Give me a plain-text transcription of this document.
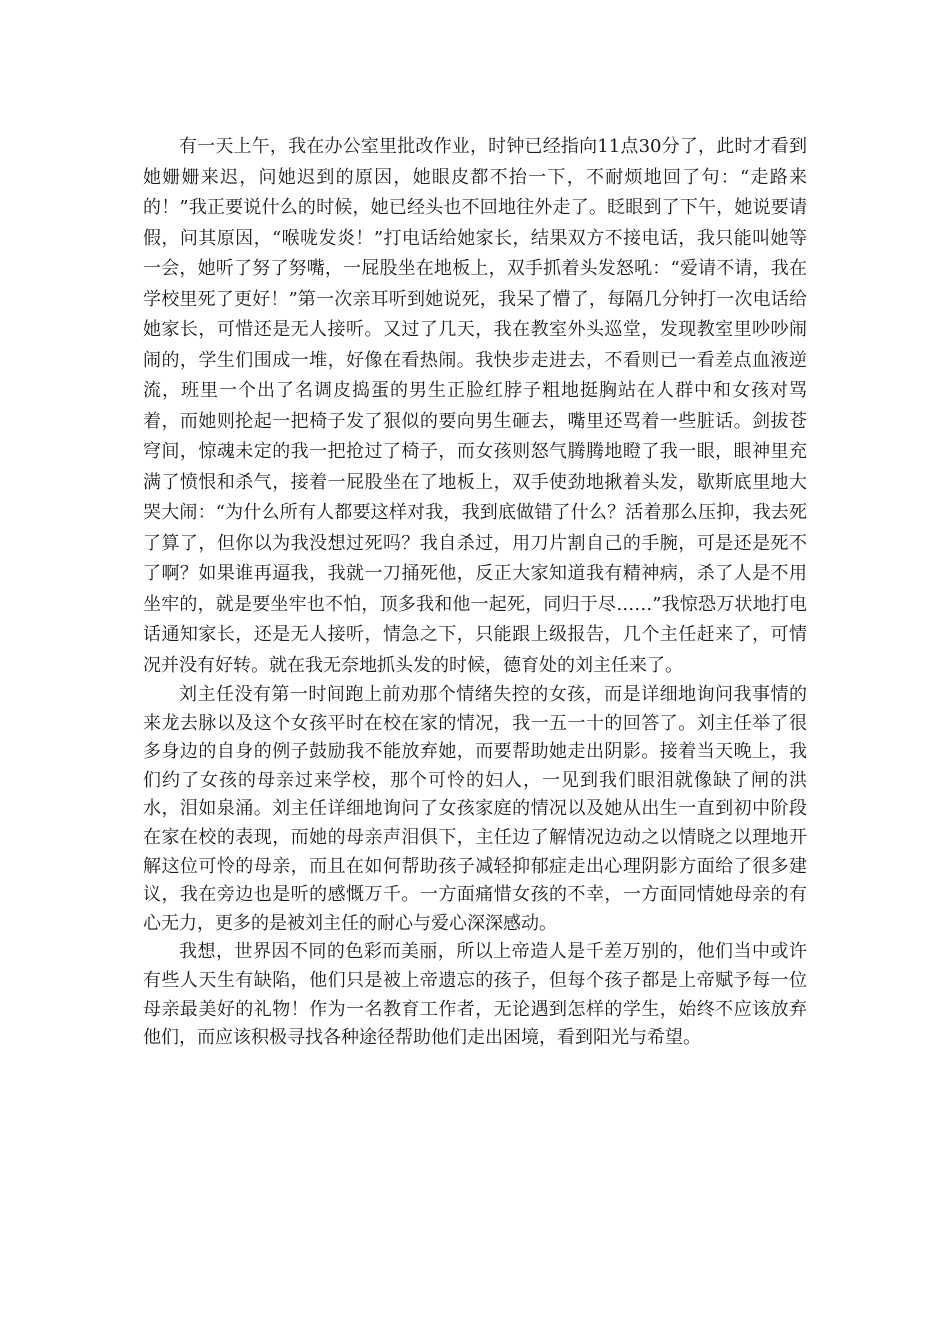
有一天上午，我在办公室里批改作业，时钟已经指向11点30分了，此时才看到她姗姗来迟，问她迟到的原因，她眼皮都不抬一下，不耐烦地回了句：“走路来的！”我正要说什么的时候，她已经头也不回地往外走了。眨眼到了下午，她说要请假，问其原因，“喉咙发炎！”打电话给她家长，结果双方不接电话，我只能叫她等一会，她听了努了努嘴，一屁股坐在地板上，双手抓着头发怒吼：“爱请不请，我在学校里死了更好！”第一次亲耳听到她说死，我呆了懵了，每隔几分钟打一次电话给她家长，可惜还是无人接听。又过了几天，我在教室外头巡堂，发现教室里吵吵闹闹的，学生们围成一堆，好像在看热闹。我快步走进去，不看则已一看差点血液逆流，班里一个出了名调皮捣蛋的男生正脸红脖子粗地挺胸站在人群中和女孩对骂着，而她则抡起一把椅子发了狠似的要向男生砸去，嘴里还骂着一些脏话。剑拔苍穹间，惊魂未定的我一把抢过了椅子，而女孩则怒气腾腾地瞪了我一眼，眼神里充满了愤恨和杀气，接着一屁股坐在了地板上，双手使劲地揪着头发，歇斯底里地大哭大闹：“为什么所有人都要这样对我，我到底做错了什么？活着那么压抑，我去死了算了，但你以为我没想过死吗？我自杀过，用刀片割自己的手腕，可是还是死不了啊？如果谁再逼我，我就一刀捅死他，反正大家知道我有精神病，杀了人是不用坐牢的，就是要坐牢也不怕，顶多我和他一起死，同归于尽……”我惊恐万状地打电话通知家长，还是无人接听，情急之下，只能跟上级报告，几个主任赶来了，可情况并没有好转。就在我无奈地抓头发的时候，德育处的刘主任来了。

刘主任没有第一时间跑上前劝那个情绪失控的女孩，而是详细地询问我事情的来龙去脉以及这个女孩平时在校在家的情况，我一五一十的回答了。刘主任举了很多身边的自身的例子鼓励我不能放弃她，而要帮助她走出阴影。接着当天晚上，我们约了女孩的母亲过来学校，那个可怜的妇人，一见到我们眼泪就像缺了闸的洪水，泪如泉涌。刘主任详细地询问了女孩家庭的情况以及她从出生一直到初中阶段在家在校的表现，而她的母亲声泪俱下，主任边了解情况边动之以情晓之以理地开解这位可怜的母亲，而且在如何帮助孩子减轻抑郁症走出心理阴影方面给了很多建议，我在旁边也是听的感慨万千。一方面痛惜女孩的不幸，一方面同情她母亲的有心无力，更多的是被刘主任的耐心与爱心深深感动。

我想，世界因不同的色彩而美丽，所以上帝造人是千差万别的，他们当中或许有些人天生有缺陷，他们只是被上帝遗忘的孩子，但每个孩子都是上帝赋予每一位母亲最美好的礼物！作为一名教育工作者，无论遇到怎样的学生，始终不应该放弃他们，而应该积极寻找各种途径帮助他们走出困境，看到阳光与希望。
